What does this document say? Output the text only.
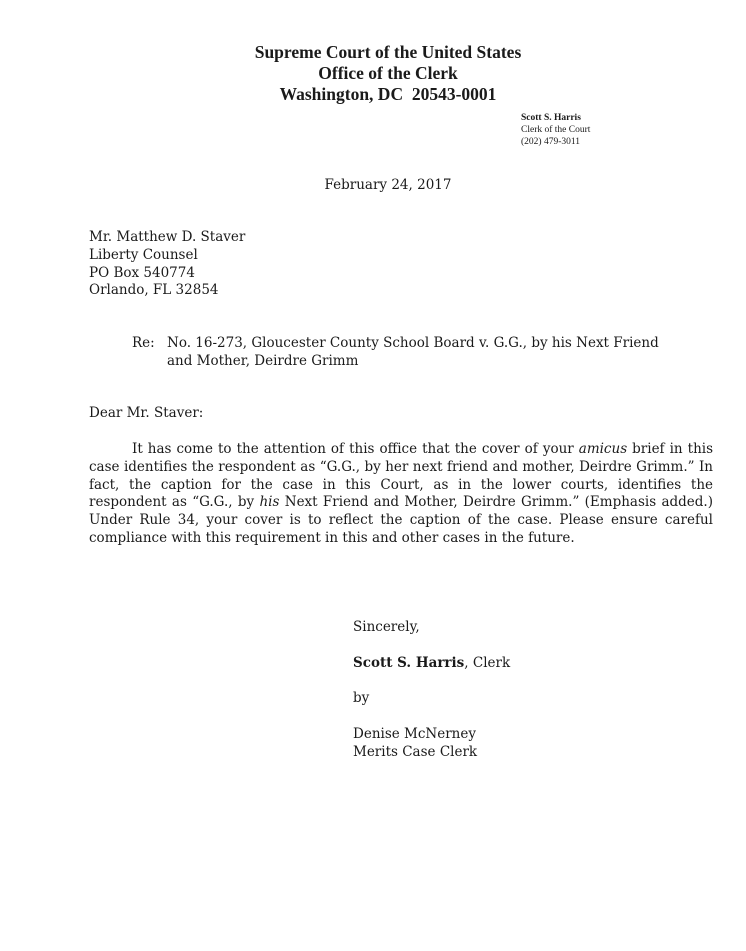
Supreme Court of the United States
Office of the Clerk
Washington, DC  20543-0001
Scott S. Harris
Clerk of the Court
(202) 479-3011
February 24, 2017
Mr. Matthew D. Staver
Liberty Counsel
PO Box 540774
Orlando, FL 32854
Re: No. 16-273, Gloucester County School Board v. G.G., by his Next Friend
and Mother, Deirdre Grimm
Dear Mr. Staver:
It has come to the attention of this office that the cover of your amicus brief in this case identifies the respondent as “G.G., by her next friend and mother, Deirdre Grimm.” In fact, the caption for the case in this Court, as in the lower courts, identifies the respondent as “G.G., by his Next Friend and Mother, Deirdre Grimm.” (Emphasis added.) Under Rule 34, your cover is to reflect the caption of the case. Please ensure careful compliance with this requirement in this and other cases in the future.
Sincerely,
Scott S. Harris, Clerk
by
Denise McNerney
Merits Case Clerk
